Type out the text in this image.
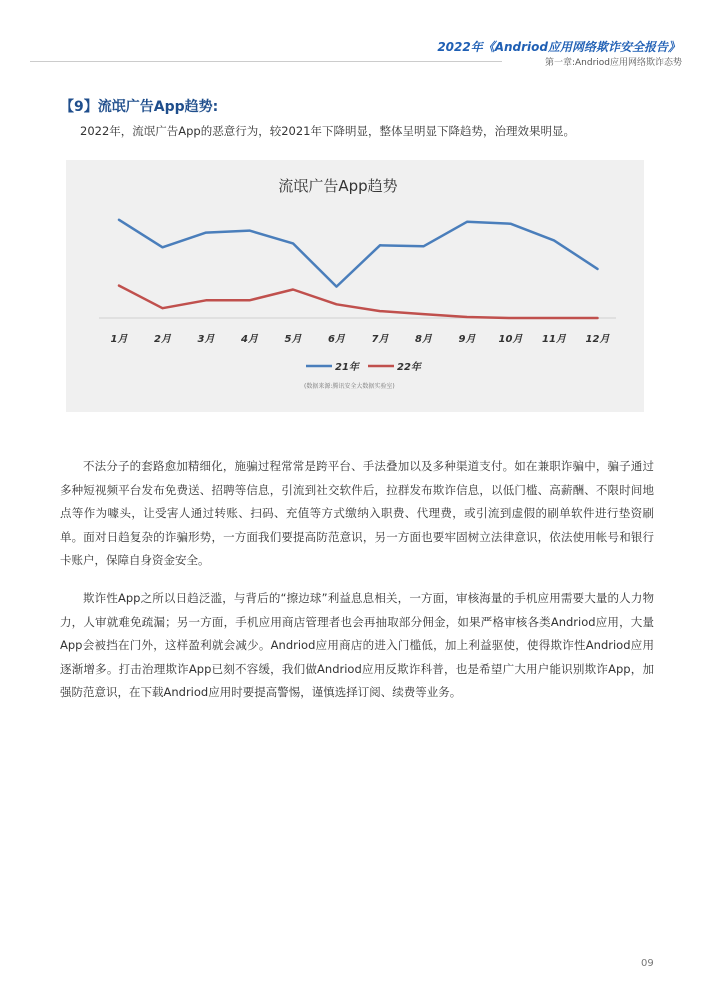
2022年《Andriod应用网络欺诈安全报告》
第一章:Andriod应用网络欺诈态势
【9】流氓广告App趋势:
2022年，流氓广告App的恶意行为，较2021年下降明显，整体呈明显下降趋势，治理效果明显。
流氓广告App趋势
1月	2月	3月	4月	5月	6月	7月	8月	9月 10月 11月 12月
21年	22年
(数据来源:腾讯安全大数据实验室)

不法分子的套路愈加精细化，施骗过程常常是跨平台、手法叠加以及多种渠道支付。如在兼职诈骗中，骗子通过多种短视频平台发布免费送、招聘等信息，引流到社交软件后，拉群发布欺诈信息，以低门槛、高薪酬、不限时间地点等作为噱头，让受害人通过转账、扫码、充值等方式缴纳入职费、代理费，或引流到虚假的刷单软件进行垫资刷单。面对日趋复杂的诈骗形势，一方面我们要提高防范意识，另一方面也要牢固树立法律意识，依法使用帐号和银行卡账户，保障自身资金安全。

欺诈性App之所以日趋泛滥，与背后的“擦边球”利益息息相关，一方面，审核海量的手机应用需要大量的人力物力，人审就难免疏漏；另一方面，手机应用商店管理者也会再抽取部分佣金，如果严格审核各类Andriod应用，大量App会被挡在门外，这样盈利就会减少。Andriod应用商店的进入门槛低，加上利益驱使，使得欺诈性Andriod应用逐渐增多。打击治理欺诈App已刻不容缓，我们做Andriod应用反欺诈科普，也是希望广大用户能识别欺诈App，加强防范意识，在下载Andriod应用时要提高警惕，谨慎选择订阅、续费等业务。

09
